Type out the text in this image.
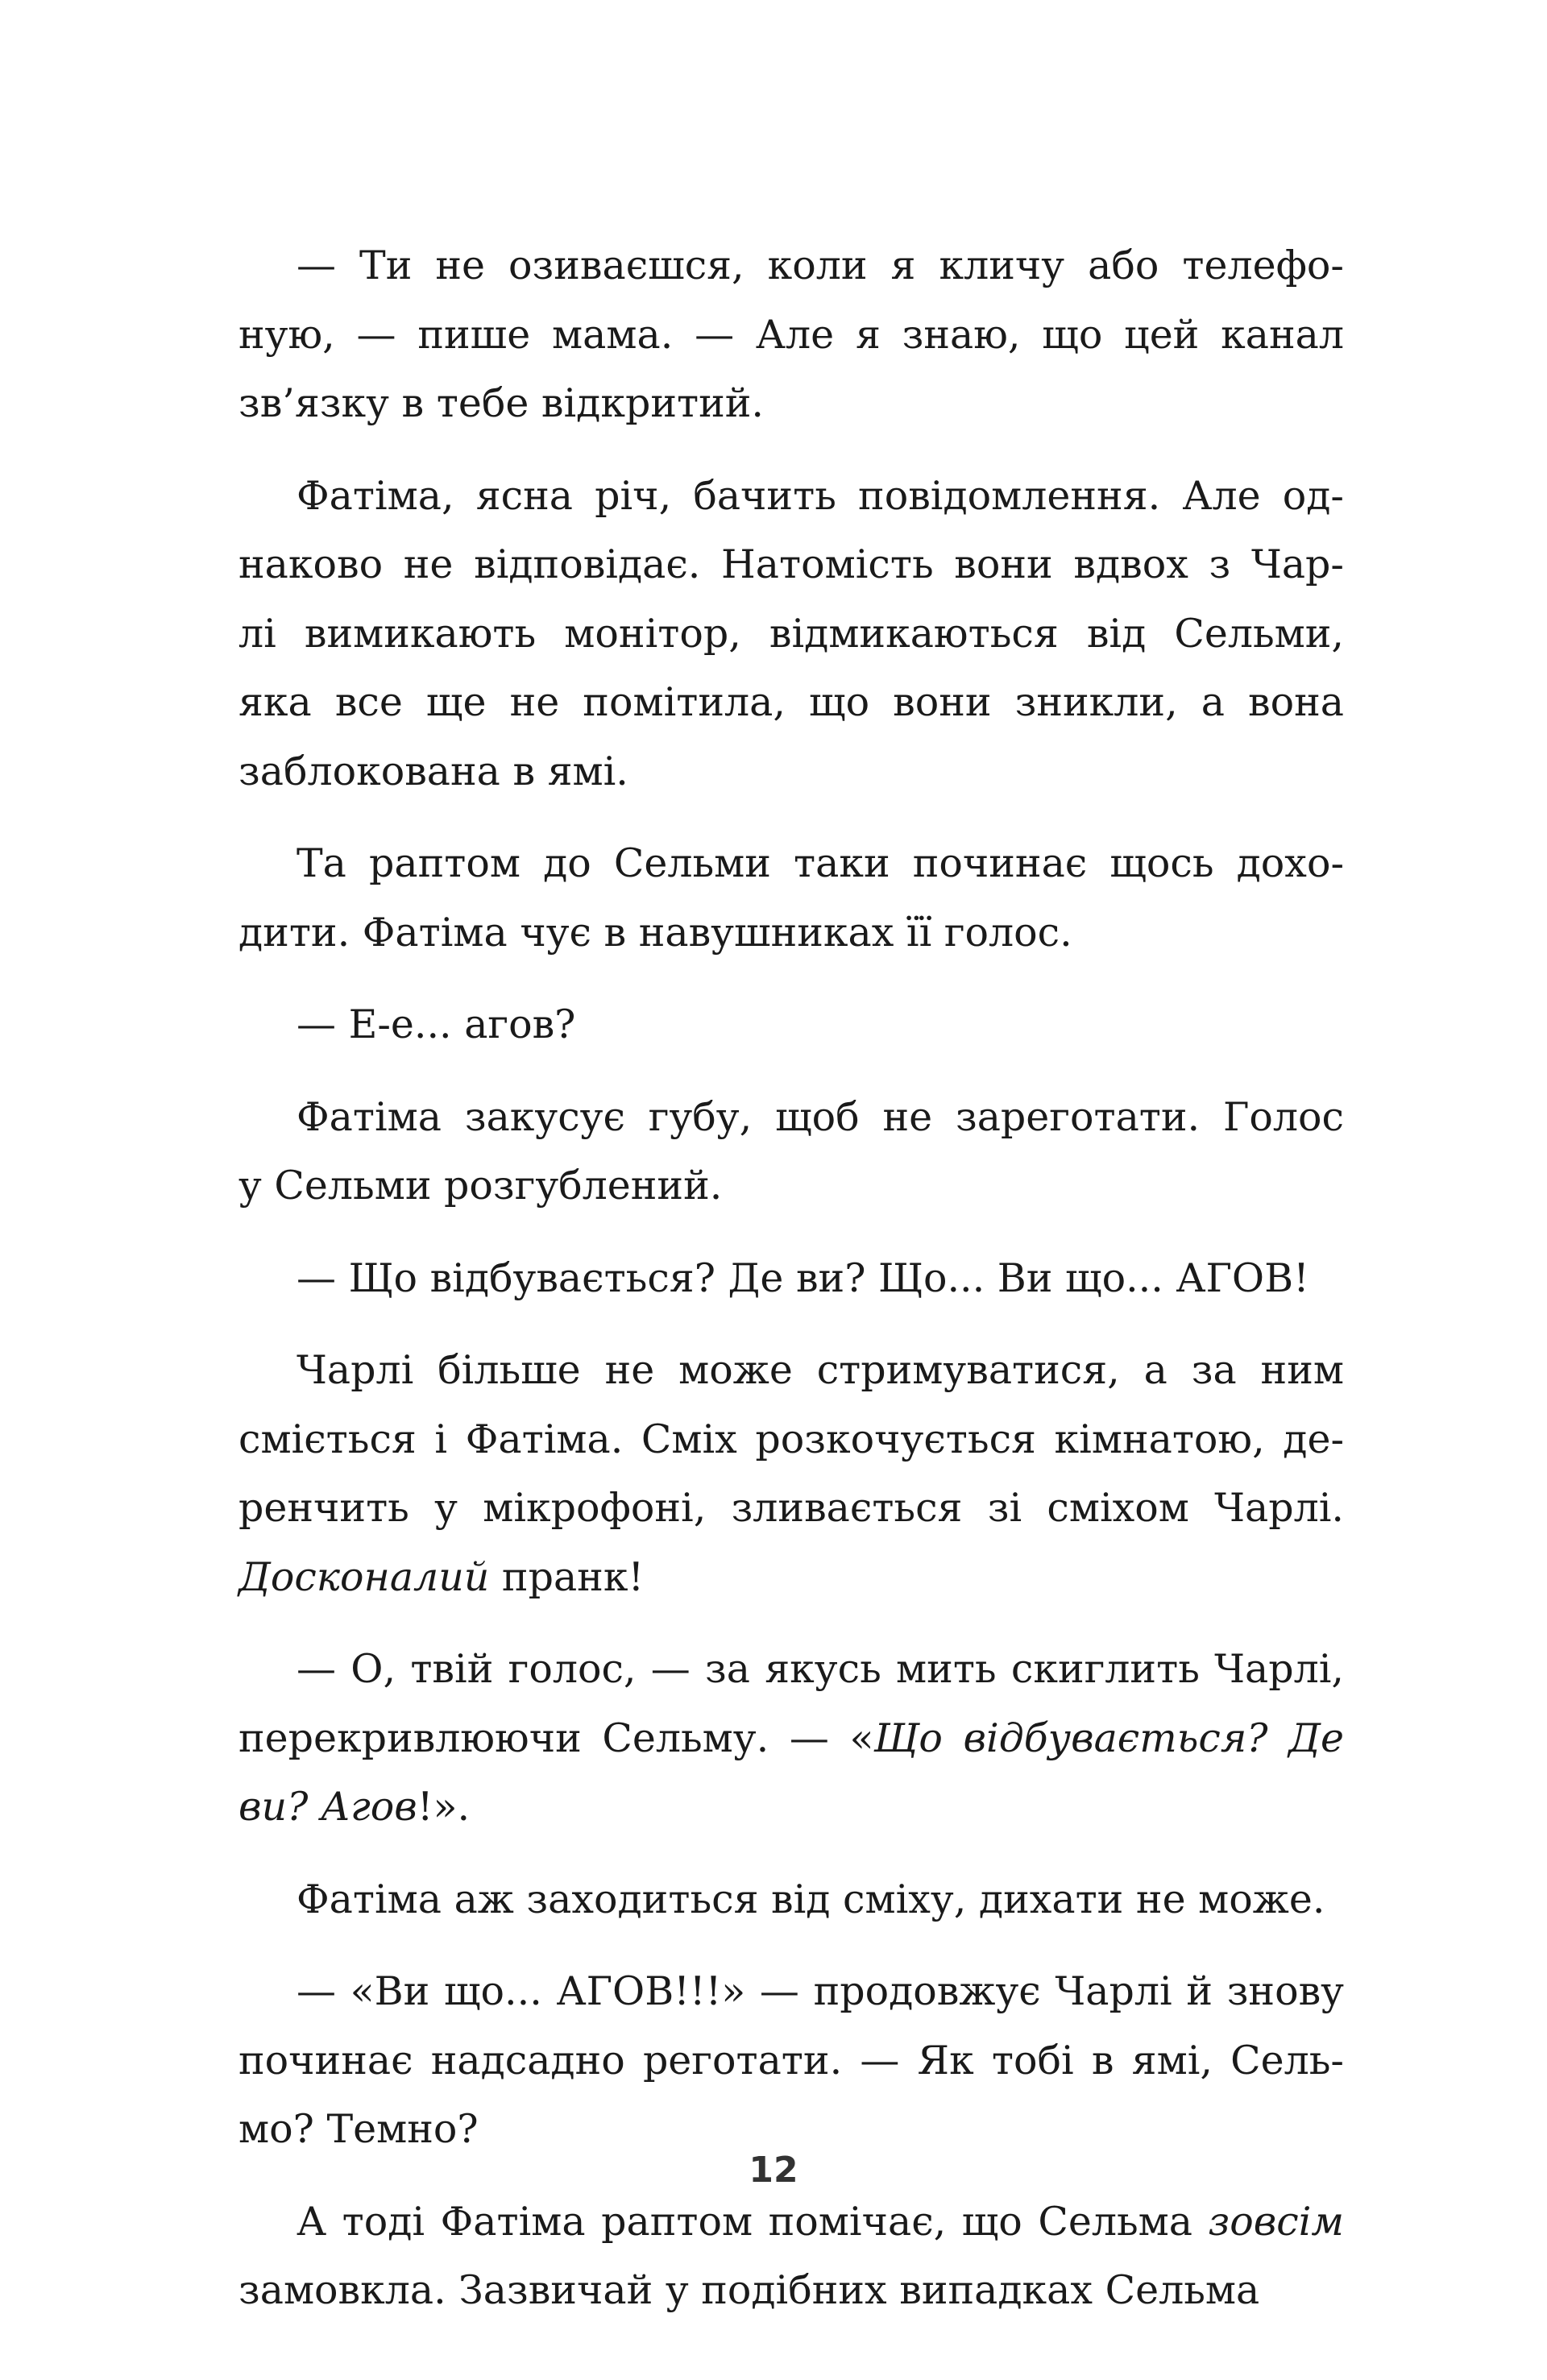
— Ти не озиваєшся, коли я кличу або телефо-
ную, — пише мама. — Але я знаю, що цей канал
зв’язку в тебе відкритий.
Фатіма, ясна річ, бачить повідомлення. Але од-
наково не відповідає. Натомість вони вдвох з Чар-
лі вимикають монітор, відмикаються від Сельми,
яка все ще не помітила, що вони зникли, а вона
заблокована в ямі.
Та раптом до Сельми таки починає щось дохо-
дити. Фатіма чує в навушниках її голос.
— Е-е... агов?
Фатіма закусує губу, щоб не зареготати. Голос
у Сельми розгублений.
— Що відбувається? Де ви? Що... Ви що... АГОВ!
Чарлі більше не може стримуватися, а за ним
сміється і Фатіма. Сміх розкочується кімнатою, де-
ренчить у мікрофоні, зливається зі сміхом Чарлі.
Досконалий пранк!
— О, твій голос, — за якусь мить скиглить Чарлі,
перекривлюючи Сельму. — «Що відбувається? Де
ви? Агов!».
Фатіма аж заходиться від сміху, дихати не може.
— «Ви що... АГОВ!!!» — продовжує Чарлі й знову
починає надсадно реготати. — Як тобі в ямі, Сель-
мо? Темно?
А тоді Фатіма раптом помічає, що Сельма зовсім
замовкла. Зазвичай у подібних випадках Сельма
12
